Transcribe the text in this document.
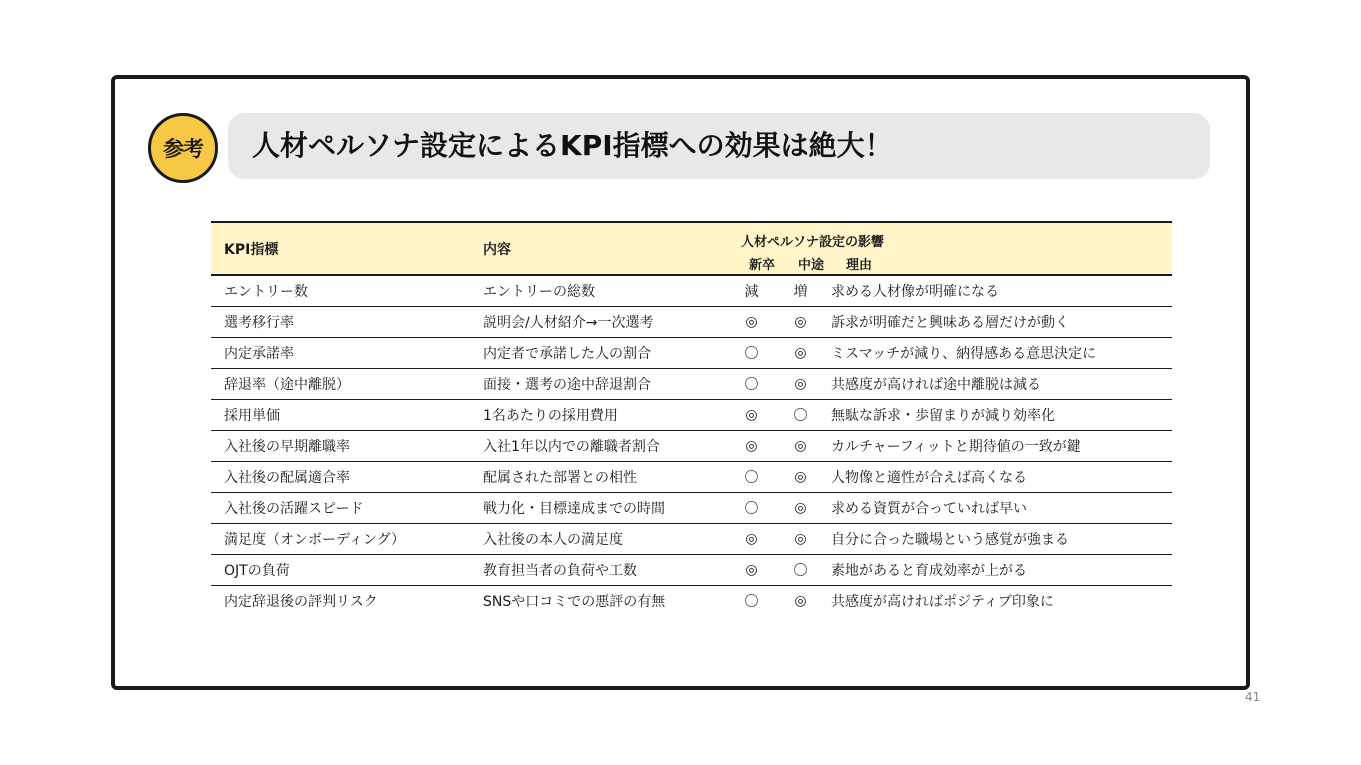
参考	人材ペルソナ設定によるKPI指標への効果は絶大！
KPI指標	内容	人材ペルソナ設定の影響
新卒 中途 理由		

エントリー数	エントリーの総数	減	増	求める人材像が明確になる
選考移行率	説明会/人材紹介→一次選考	◎	◎	訴求が明確だと興味ある層だけが動く
内定承諾率	内定者で承諾した人の割合	〇	◎	ミスマッチが減り、納得感ある意思決定に
辞退率（途中離脱）	面接・選考の途中辞退割合	〇	◎	共感度が高ければ途中離脱は減る
採用単価	1名あたりの採用費用	◎	〇	無駄な訴求・歩留まりが減り効率化
入社後の早期離職率	入社1年以内での離職者割合	◎	◎	カルチャーフィットと期待値の一致が鍵
入社後の配属適合率	配属された部署との相性	〇	◎	人物像と適性が合えば高くなる
入社後の活躍スピード	戦力化・目標達成までの時間	〇	◎	求める資質が合っていれば早い
満足度（オンボーディング）	入社後の本人の満足度	◎	◎	自分に合った職場という感覚が強まる
OJTの負荷	教育担当者の負荷や工数	◎	〇	素地があると育成効率が上がる
内定辞退後の評判リスク	SNSや口コミでの悪評の有無	〇	◎	共感度が高ければポジティブ印象に
41
